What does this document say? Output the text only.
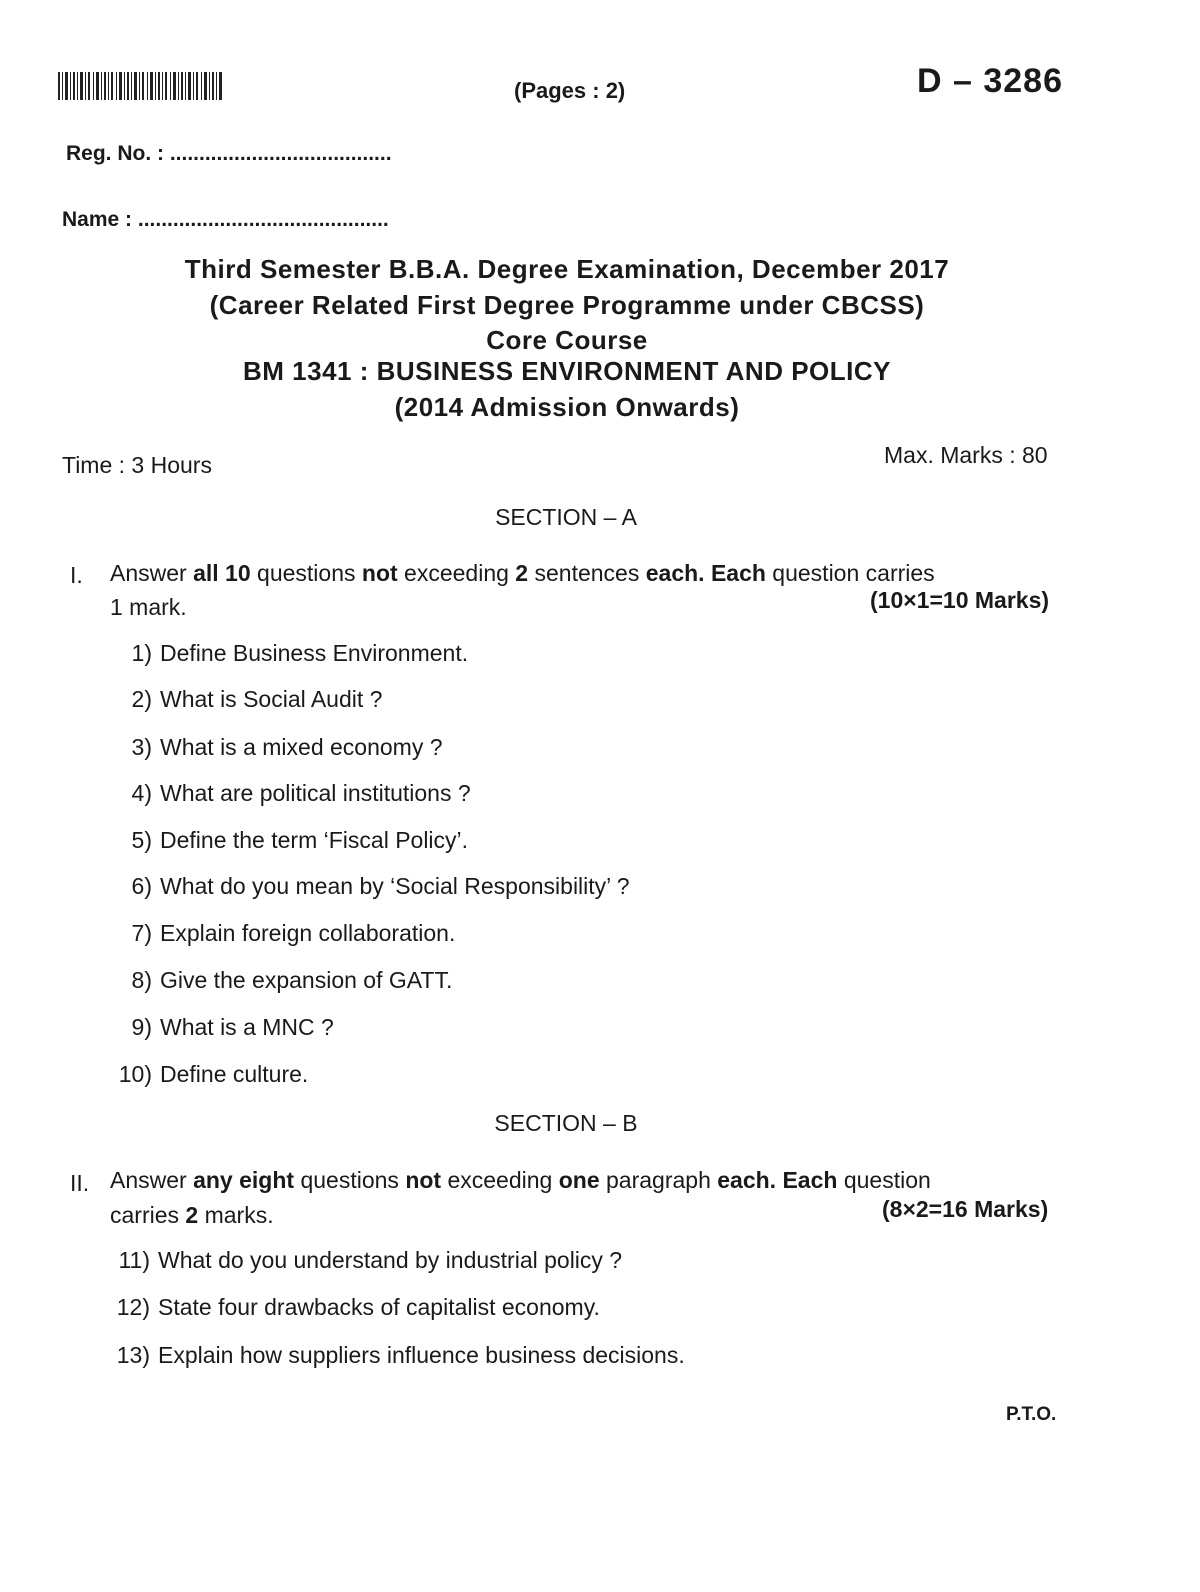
(Pages : 2)	D – 3286
Reg. No. : ......................................
Name : ...........................................
Third Semester B.B.A. Degree Examination, December 2017
(Career Related First Degree Programme under CBCSS)
Core Course
BM 1341 : BUSINESS ENVIRONMENT AND POLICY
(2014 Admission Onwards)
Time : 3 Hours	Max. Marks : 80
SECTION – A
I. Answer all 10 questions not exceeding 2 sentences each. Each question carries
1 mark.	(10×1=10 Marks)
1) Define Business Environment.
2) What is Social Audit ?
3) What is a mixed economy ?
4) What are political institutions ?
5) Define the term ‘Fiscal Policy’.
6) What do you mean by ‘Social Responsibility’ ?
7) Explain foreign collaboration.
8) Give the expansion of GATT.
9) What is a MNC ?
10) Define culture.
SECTION – B
II. Answer any eight questions not exceeding one paragraph each. Each question
carries 2 marks.	(8×2=16 Marks)
11) What do you understand by industrial policy ?
12) State four drawbacks of capitalist economy.
13) Explain how suppliers influence business decisions.
P.T.O.
